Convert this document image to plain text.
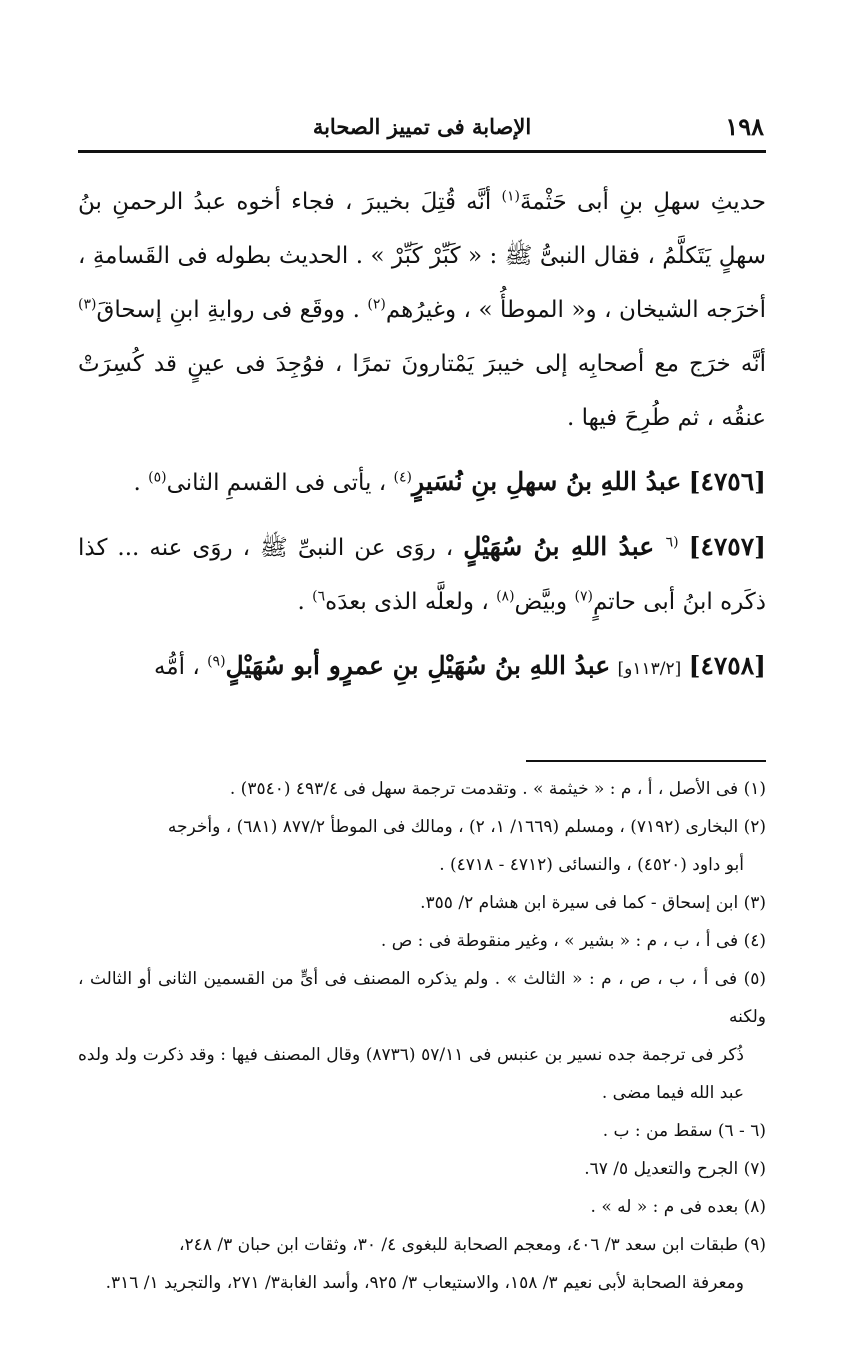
١٩٨
الإصابة فى تمييز الصحابة

حديثِ سهلِ بنِ أبى حَثْمةَ$^{(١)}$ أنَّه قُتِلَ بخيبرَ ، فجاء أخوه عبدُ الرحمنِ بنُ سهلٍ يَتَكلَّمُ ، فقال النبىُّ ﷺ : « كَبِّرْ كَبِّرْ » . الحديث بطوله فى القَسامةِ ، أخرَجه الشيخان ، و« الموطأُ » ، وغيرُهم$^{(٢)}$ . ووقَع فى روايةِ ابنِ إسحاقَ$^{(٣)}$ أنَّه خرَج مع أصحابِه إلى خيبرَ يَمْتارونَ تمرًا ، فوُجِدَ فى عينٍ قد كُسِرَتْ عنقُه ، ثم طُرِحَ فيها .

[٤٧٥٦] عبدُ اللهِ بنُ سهلِ بنِ نُسَيرٍ$^{(٤)}$ ، يأتى فى القسمِ الثانى$^{(٥)}$ .

[٤٧٥٧] $^{(٦}$ عبدُ اللهِ بنُ سُهَيْلٍ ، روَى عن النبىِّ ﷺ ، روَى عنه ... كذا ذكَره ابنُ أبى حاتمٍ$^{(٧)}$ وبيَّض$^{(٨)}$ ، ولعلَّه الذى بعدَه$^{٦)}$ .

[٤٧٥٨] [١١٣/٢و] عبدُ اللهِ بنُ سُهَيْلِ بنِ عمرٍو أبو سُهَيْلٍ$^{(٩)}$ ، أمُّه

(١) فى الأصل ، أ ، م : « خيثمة » . وتقدمت ترجمة سهل فى ٤٩٣/٤ (٣٥٤٠) .

(٢) البخارى (٧١٩٢) ، ومسلم (١٦٦٩/ ١، ٢) ، ومالك فى الموطأ ٨٧٧/٢ (٦٨١) ، وأخرجه
أبو داود (٤٥٢٠) ، والنسائى (٤٧١٢ - ٤٧١٨) .

(٣) ابن إسحاق - كما فى سيرة ابن هشام ٢/ ٣٥٥.

(٤) فى أ ، ب ، م : « بشير » ، وغير منقوطة فى : ص .

(٥) فى أ ، ب ، ص ، م : « الثالث » . ولم يذكره المصنف فى أىٍّ من القسمين الثانى أو الثالث ، ولكنه
ذُكر فى ترجمة جده نسير بن عنبس فى ٥٧/١١ (٨٧٣٦) وقال المصنف فيها : وقد ذكرت ولد ولده عبد الله فيما مضى .

(٦ - ٦) سقط من : ب .

(٧) الجرح والتعديل ٥/ ٦٧.

(٨) بعده فى م : « له » .

(٩) طبقات ابن سعد ٣/ ٤٠٦، ومعجم الصحابة للبغوى ٤/ ٣٠، وثقات ابن حبان ٣/ ٢٤٨،
ومعرفة الصحابة لأبى نعيم ٣/ ١٥٨، والاستيعاب ٣/ ٩٢٥، وأسد الغابة٣/ ٢٧١، والتجريد ١/ ٣١٦.
